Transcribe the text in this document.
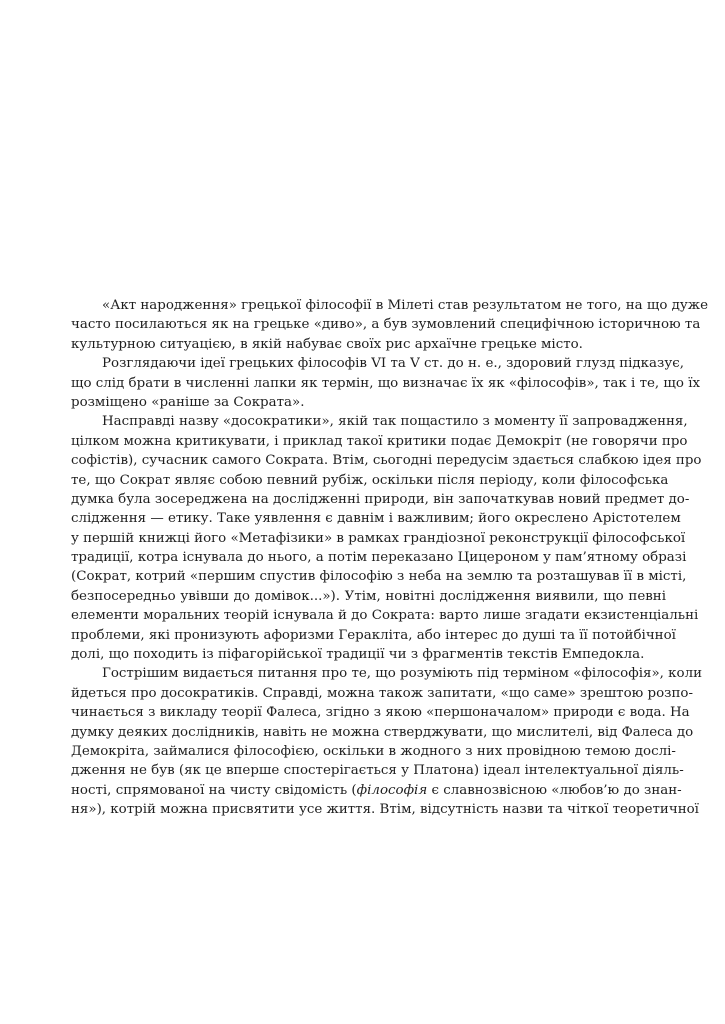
«Акт народження» грецької філософії в Мілеті став результатом не того, на що дуже
часто посилаються як на грецьке «диво», а був зумовлений специфічною історичною та
культурною ситуацією, в якій набуває своїх рис архаїчне грецьке місто.
Розглядаючи ідеї грецьких філософів VI та V ст. до н. е., здоровий глузд підказує,
що слід брати в численні лапки як термін, що визначає їх як «філософів», так і те, що їх
розміщено «раніше за Сократа».
Насправді назву «досократики», якій так пощастило з моменту її запровадження,
цілком можна критикувати, і приклад такої критики подає Демокріт (не говорячи про
софістів), сучасник самого Сократа. Втім, сьогодні передусім здається слабкою ідея про
те, що Сократ являє собою певний рубіж, оскільки після періоду, коли філософська
думка була зосереджена на дослідженні природи, він започаткував новий предмет до-
слідження — етику. Таке уявлення є давнім і важливим; його окреслено Арістотелем
у першій книжці його «Метафізики» в рамках грандіозної реконструкції філософської
традиції, котра існувала до нього, а потім переказано Цицероном у пам’ятному образі
(Сократ, котрий «першим спустив філософію з неба на землю та розташував її в місті,
безпосередньо увівши до домівок...»). Утім, новітні дослідження виявили, що певні
елементи моральних теорій існувала й до Сократа: варто лише згадати екзистенціальні
проблеми, які пронизують афоризми Геракліта, або інтерес до душі та її потойбічної
долі, що походить із піфагорійської традиції чи з фрагментів текстів Емпедокла.
Гострішим видається питання про те, що розуміють під терміном «філософія», коли
йдеться про досократиків. Справді, можна також запитати, «що саме» зрештою розпо-
чинається з викладу теорії Фалеса, згідно з якою «першоначалом» природи є вода. На
думку деяких дослідників, навіть не можна стверджувати, що мислителі, від Фалеса до
Демокріта, займалися філософією, оскільки в жодного з них провідною темою дослі-
дження не був (як це вперше спостерігається у Платона) ідеал інтелектуальної діяль-
ності, спрямованої на чисту свідомість (філософія є славнозвісною «любов’ю до знан-
ня»), котрій можна присвятити усе життя. Втім, відсутність назви та чіткої теоретичної
